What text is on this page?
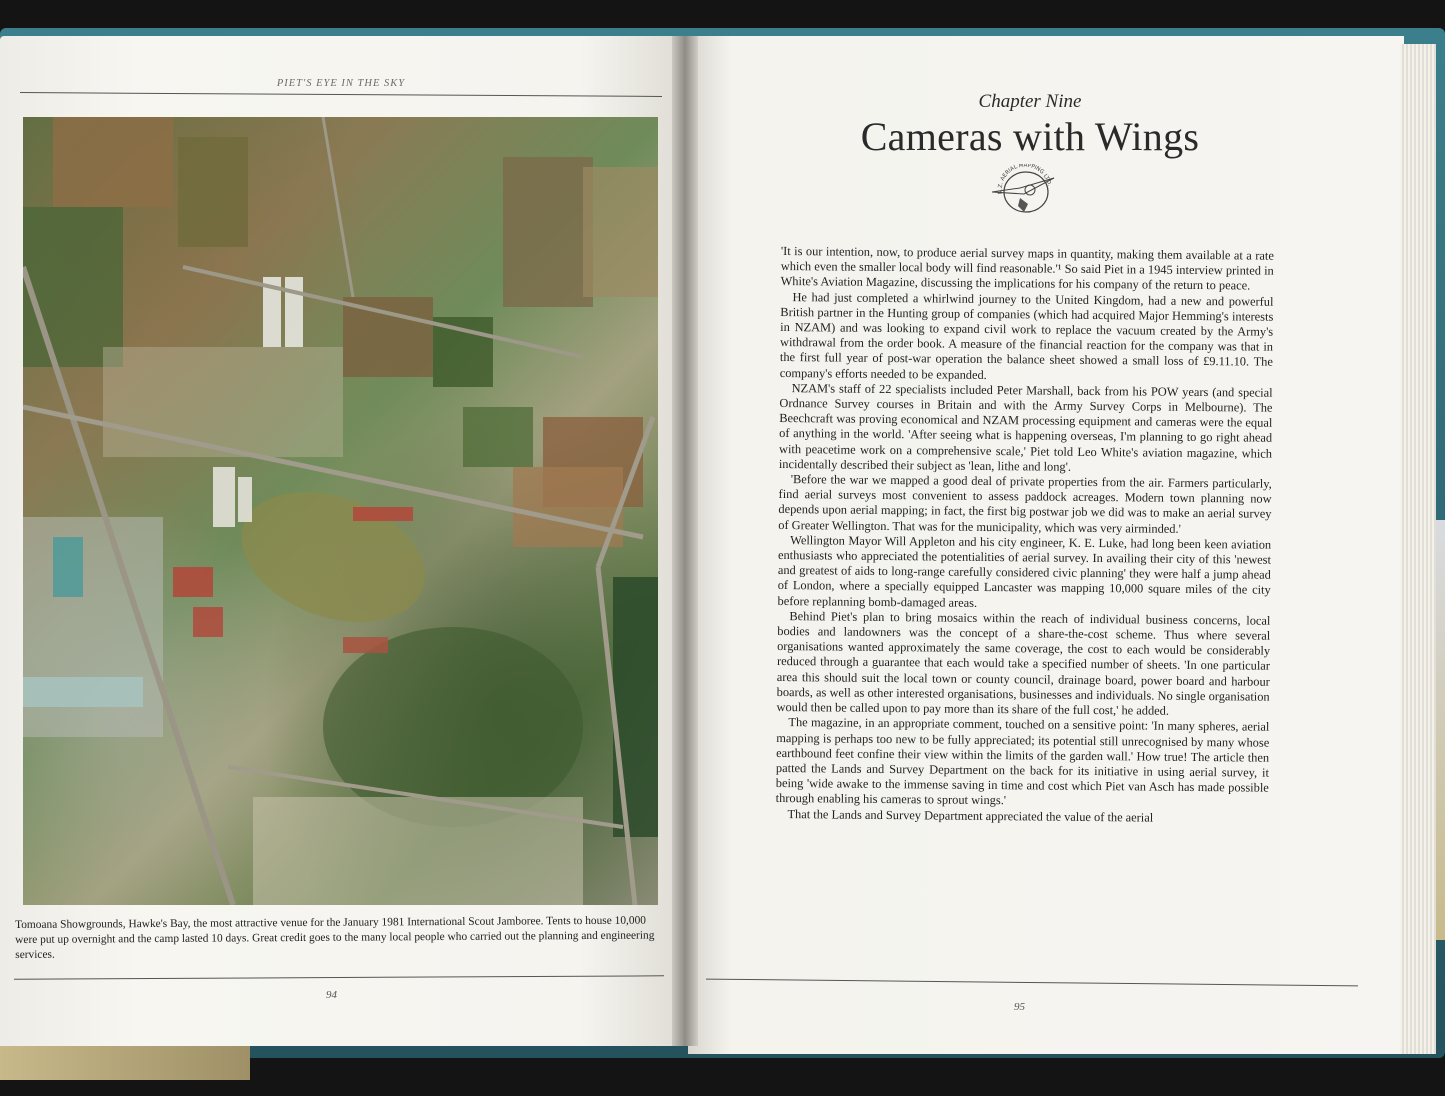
PIET'S EYE IN THE SKY
Tomoana Showgrounds, Hawke's Bay, the most attractive venue for the January 1981 International Scout Jamboree. Tents to house 10,000 were put up overnight and the camp lasted 10 days. Great credit goes to the many local people who carried out the planning and engineering services.
94
Chapter Nine
Cameras with Wings
N.Z. AERIAL MAPPING LTD.

'It is our intention, now, to produce aerial survey maps in quantity, making them available at a rate which even the smaller local body will find reasonable.'¹ So said Piet in a 1945 interview printed in White's Aviation Magazine, discussing the implications for his company of the return to peace.

He had just completed a whirlwind journey to the United Kingdom, had a new and powerful British partner in the Hunting group of companies (which had acquired Major Hemming's interests in NZAM) and was looking to expand civil work to replace the vacuum created by the Army's withdrawal from the order book. A measure of the financial reaction for the company was that in the first full year of post-war operation the balance sheet showed a small loss of £9.11.10. The company's efforts needed to be expanded.

NZAM's staff of 22 specialists included Peter Marshall, back from his POW years (and special Ordnance Survey courses in Britain and with the Army Survey Corps in Melbourne). The Beechcraft was proving economical and NZAM processing equipment and cameras were the equal of anything in the world. 'After seeing what is happening overseas, I'm planning to go right ahead with peacetime work on a comprehensive scale,' Piet told Leo White's aviation magazine, which incidentally described their subject as 'lean, lithe and long'.

'Before the war we mapped a good deal of private properties from the air. Farmers particularly, find aerial surveys most convenient to assess paddock acreages. Modern town planning now depends upon aerial mapping; in fact, the first big postwar job we did was to make an aerial survey of Greater Wellington. That was for the municipality, which was very airminded.'

Wellington Mayor Will Appleton and his city engineer, K. E. Luke, had long been keen aviation enthusiasts who appreciated the potentialities of aerial survey. In availing their city of this 'newest and greatest of aids to long-range carefully considered civic planning' they were half a jump ahead of London, where a specially equipped Lancaster was mapping 10,000 square miles of the city before replanning bomb-damaged areas.

Behind Piet's plan to bring mosaics within the reach of individual business concerns, local bodies and landowners was the concept of a share-the-cost scheme. Thus where several organisations wanted approximately the same coverage, the cost to each would be considerably reduced through a guarantee that each would take a specified number of sheets. 'In one particular area this should suit the local town or county council, drainage board, power board and harbour boards, as well as other interested organisations, businesses and individuals. No single organisation would then be called upon to pay more than its share of the full cost,' he added.

The magazine, in an appropriate comment, touched on a sensitive point: 'In many spheres, aerial mapping is perhaps too new to be fully appreciated; its potential still unrecognised by many whose earthbound feet confine their view within the limits of the garden wall.' How true! The article then patted the Lands and Survey Department on the back for its initiative in using aerial survey, it being 'wide awake to the immense saving in time and cost which Piet van Asch has made possible through enabling his cameras to sprout wings.'

That the Lands and Survey Department appreciated the value of the aerial

95
